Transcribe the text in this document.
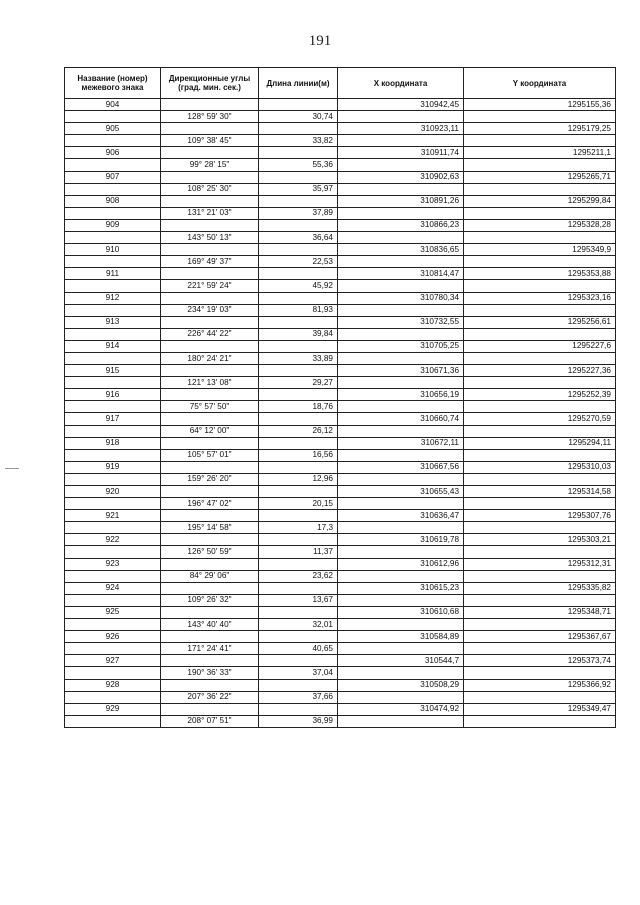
191
Название (номер) межевого знака	Дирекционные углы (град. мин. сек.)	Длина линии(м)	X координата	Y координата
904			310942,45	1295155,36
	128° 59' 30"	30,74		
905			310923,11	1295179,25
	109° 38' 45"	33,82		
906			310911,74	1295211,1
	99° 28' 15"	55,36		
907			310902,63	1295265,71
	108° 25' 30"	35,97		
908			310891,26	1295299,84
	131° 21' 03"	37,89		
909			310866,23	1295328,28
	143° 50' 13"	36,64		
910			310836,65	1295349,9
	169° 49' 37"	22,53		
911			310814,47	1295353,88
	221° 59' 24"	45,92		
912			310780,34	1295323,16
	234° 19' 03"	81,93		
913			310732,55	1295256,61
	226° 44' 22"	39,84		
914			310705,25	1295227,6
	180° 24' 21"	33,89		
915			310671,36	1295227,36
	121° 13' 08"	29,27		
916			310656,19	1295252,39
	75° 57' 50"	18,76		
917			310660,74	1295270,59
	64° 12' 00"	26,12		
918			310672,11	1295294,11
	105° 57' 01"	16,56		
919			310667,56	1295310,03
	159° 26' 20"	12,96		
920			310655,43	1295314,58
	196° 47' 02"	20,15		
921			310636,47	1295307,76
	195° 14' 58"	17,3		
922			310619,78	1295303,21
	126° 50' 59"	11,37		
923			310612,96	1295312,31
	84° 29' 06"	23,62		
924			310615,23	1295335,82
	109° 26' 32"	13,67		
925			310610,68	1295348,71
	143° 40' 40"	32,01		
926			310584,89	1295367,67
	171° 24' 41"	40,65		
927			310544,7	1295373,74
	190° 36' 33"	37,04		
928			310508,29	1295366,92
	207° 36' 22"	37,66		
929			310474,92	1295349,47
	208° 07' 51"	36,99		
